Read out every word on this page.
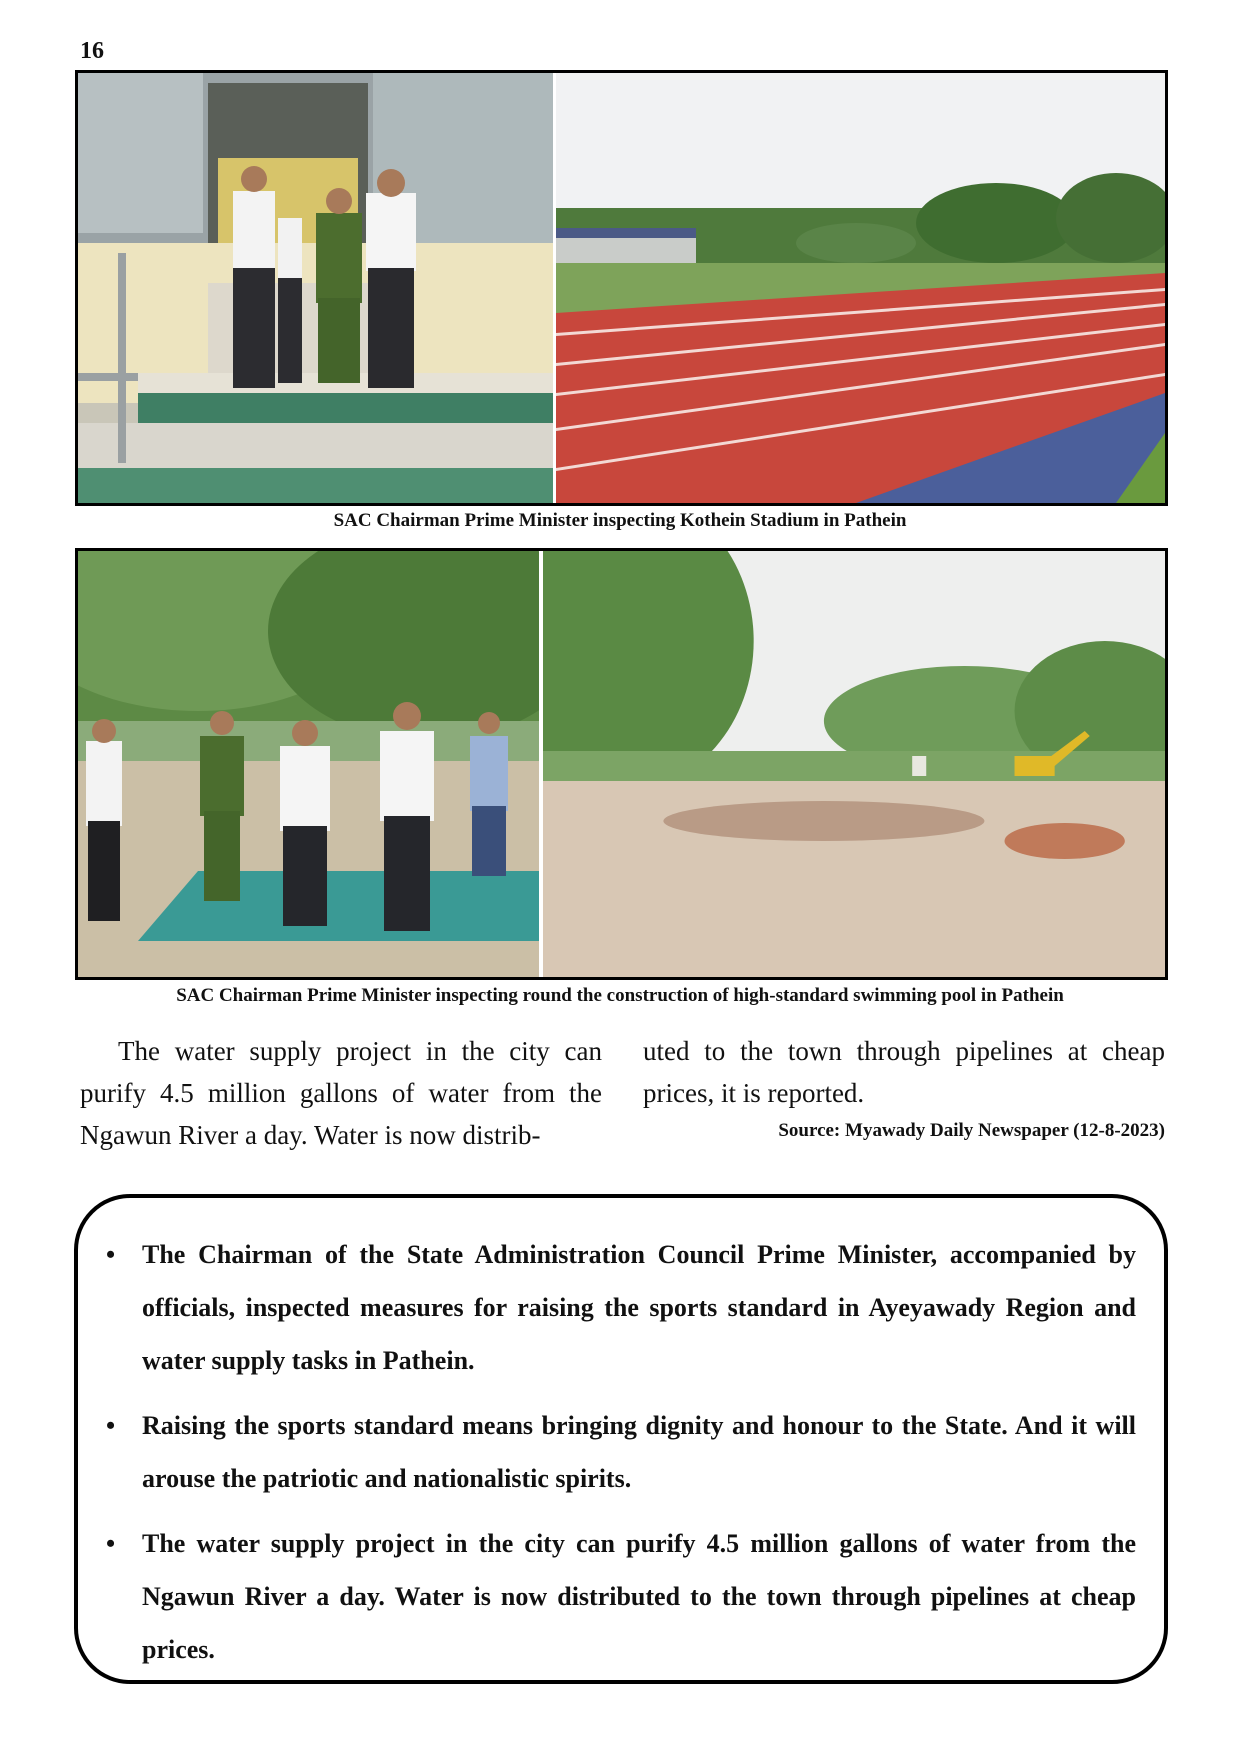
16
SAC Chairman Prime Minister inspecting Kothein Stadium in Pathein
SAC Chairman Prime Minister inspecting round the construction of high-standard swimming pool in Pathein
The water supply project in the city can purify 4.5 million gallons of water from the Ngawun River a day. Water is now distrib-
uted to the town through pipelines at cheap prices, it is reported.
Source: Myawady Daily Newspaper (12-8-2023)
• The Chairman of the State Administration Council Prime Minister, accompanied by officials, inspected measures for raising the sports standard in Ayeyawady Region and water supply tasks in Pathein.
• Raising the sports standard means bringing dignity and honour to the State. And it will arouse the patriotic and nationalistic spirits.
• The water supply project in the city can purify 4.5 million gallons of water from the Ngawun River a day. Water is now distributed to the town through pipelines at cheap prices.
